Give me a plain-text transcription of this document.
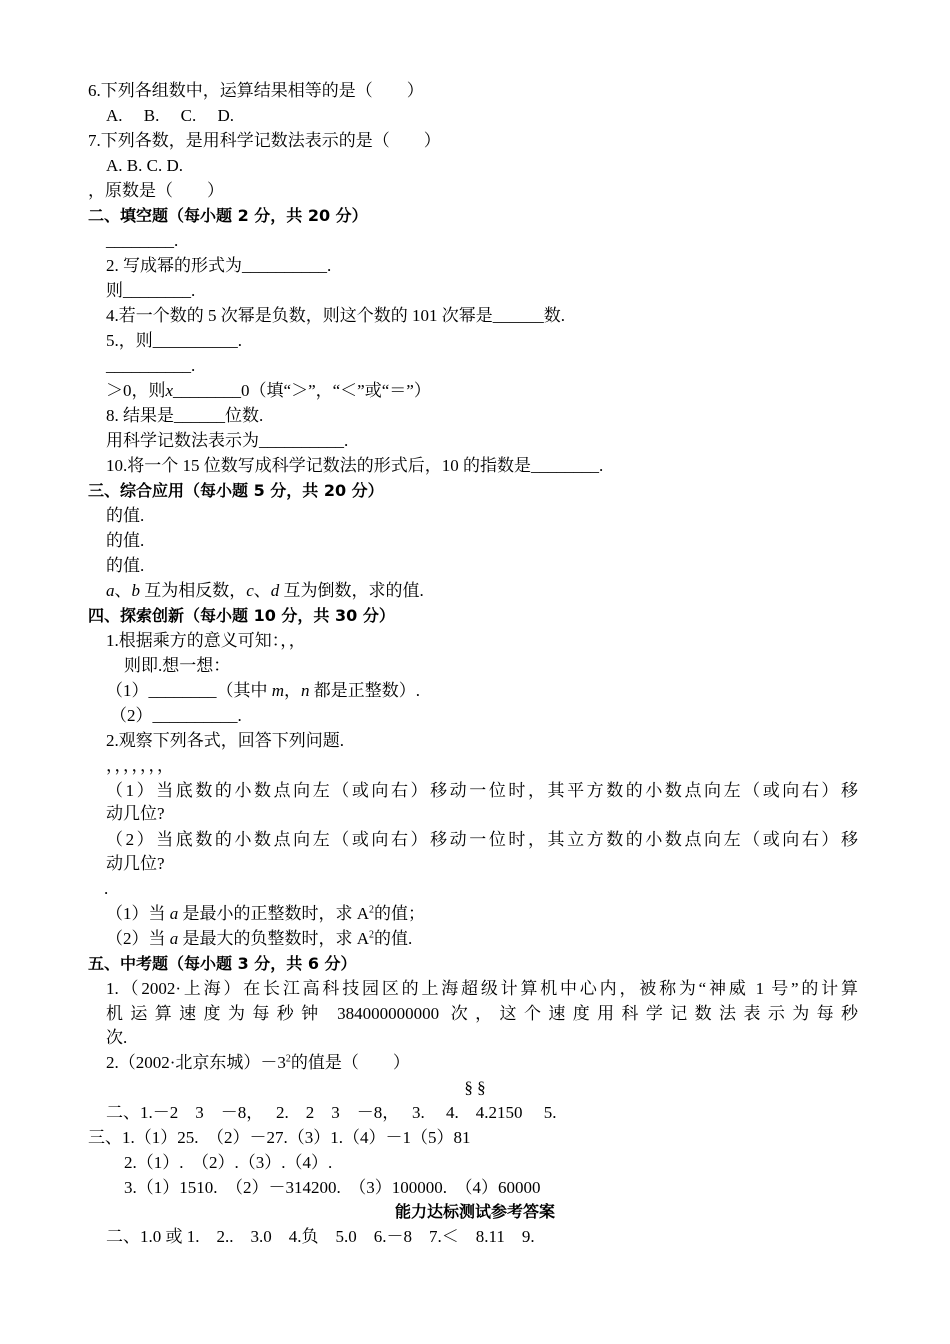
6.下列各组数中，运算结果相等的是（　　）
A.　 B.　 C.　 D.
7.下列各数，是用科学记数法表示的是（　　）
A. B. C. D.
，原数是（　　）
二、填空题（每小题 2 分，共 20 分）
________.
2. 写成幂的形式为__________.
则________.
4.若一个数的 5 次幂是负数，则这个数的 101 次幂是______数.
5.，则__________.
__________.
＞0，则x________0（填“＞”，“＜”或“＝”）
8. 结果是______位数.
用科学记数法表示为__________.
10.将一个 15 位数写成科学记数法的形式后，10 的指数是________.
三、综合应用（每小题 5 分，共 20 分）
的值.
的值.
的值.
a、b 互为相反数，c、d 互为倒数，求的值.
四、探索创新（每小题 10 分，共 30 分）
1.根据乘方的意义可知：，，
则即.想一想：
（1）________（其中 m，n 都是正整数）.
（2）__________.
2.观察下列各式，回答下列问题.
，，，，，，，
（1）当底数的小数点向左（或向右）移动一位时，其平方数的小数点向左（或向右）移
动几位?
（2）当底数的小数点向左（或向右）移动一位时，其立方数的小数点向左（或向右）移
动几位?
.
（1）当 a 是最小的正整数时，求 $A^2$的值；
（2）当 a 是最大的负整数时，求 $A^2$的值.
五、中考题（每小题 3 分，共 6 分）
1.（2002·上海）在长江高科技园区的上海超级计算机中心内，被称为“神威 1 号”的计算
机运算速度为每秒钟 384000000000 次，这个速度用科学记数法表示为每秒
次.
2.（2002·北京东城）$-3^2$的值是（　　）
§ §
二、1.－2　3　－8，　 2.　2　3　－8，　 3.　 4.　4.2150　 5.
三、1.（1）25.　（2）－27.（3）1.（4）－1（5）81
2.（1）.　（2）.（3）.（4）.
3.（1）1510.　（2）－314200.　（3）100000.　（4）60000
能力达标测试参考答案
二、1.0 或 1.　2..　3.0　4.负　5.0　6.－8　7.＜　8.11　9.
